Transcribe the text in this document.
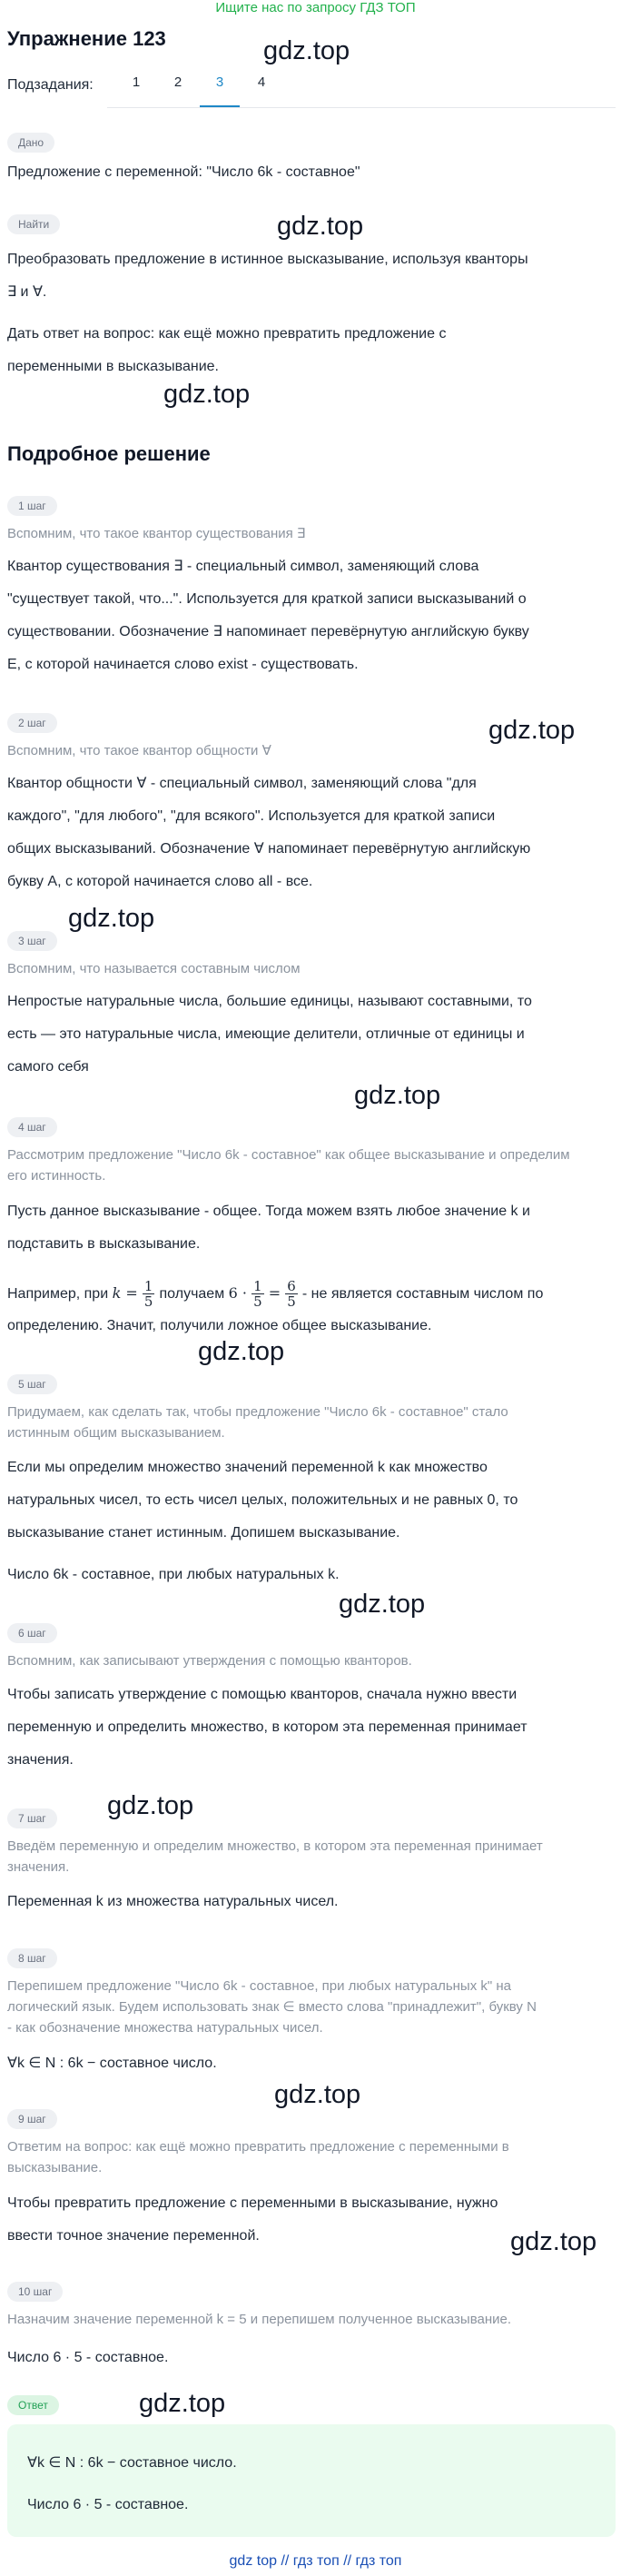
Ищите нас по запросу ГДЗ ТОП
Упражнение 123
Подзадания:	1	2	3	4
gdz.top
Дано
Предложение с переменной: "Число 6k - составное"
Найти	gdz.top
Преобразовать предложение в истинное высказывание, используя кванторы
∃ и ∀.
Дать ответ на вопрос: как ещё можно превратить предложение с
переменными в высказывание.
gdz.top
Подробное решение
1 шаг
Вспомним, что такое квантор существования ∃
Квантор существования ∃ - специальный символ, заменяющий слова
"существует такой, что...". Используется для краткой записи высказываний о
существовании. Обозначение ∃ напоминает перевёрнутую английскую букву
E, с которой начинается слово exist - существовать.
2 шаг	gdz.top
Вспомним, что такое квантор общности ∀
Квантор общности ∀ - специальный символ, заменяющий слова "для
каждого", "для любого", "для всякого". Используется для краткой записи
общих высказываний. Обозначение ∀ напоминает перевёрнутую английскую
букву A, с которой начинается слово all - все.
gdz.top
3 шаг
Вспомним, что называется составным числом
Непростые натуральные числа, большие единицы, называют составными, то
есть — это натуральные числа, имеющие делители, отличные от единицы и
самого себя
gdz.top
4 шаг
Рассмотрим предложение "Число 6k - составное" как общее высказывание и определим
его истинность.
Пусть данное высказывание - общее. Тогда можем взять любое значение k и
подставить в высказывание.
Например, при $k = \frac{1}{5}$ получаем $6 \cdot \frac{1}{5} = \frac{6}{5}$ - не является составным числом по
определению. Значит, получили ложное общее высказывание.
gdz.top
5 шаг
Придумаем, как сделать так, чтобы предложение "Число 6k - составное" стало
истинным общим высказыванием.
Если мы определим множество значений переменной k как множество
натуральных чисел, то есть чисел целых, положительных и не равных 0, то
высказывание станет истинным. Допишем высказывание.
Число 6k - составное, при любых натуральных k.
gdz.top
6 шаг
Вспомним, как записывают утверждения с помощью кванторов.
Чтобы записать утверждение с помощью кванторов, сначала нужно ввести
переменную и определить множество, в котором эта переменная принимает
значения.
gdz.top
7 шаг
Введём переменную и определим множество, в котором эта переменная принимает
значения.
Переменная k из множества натуральных чисел.
8 шаг
Перепишем предложение "Число 6k - составное, при любых натуральных k" на
логический язык. Будем использовать знак ∈ вместо слова "принадлежит", букву N
- как обозначение множества натуральных чисел.
∀k ∈ N : 6k − составное число.
gdz.top
9 шаг
Ответим на вопрос: как ещё можно превратить предложение с переменными в
высказывание.
Чтобы превратить предложение с переменными в высказывание, нужно
ввести точное значение переменной.	gdz.top
10 шаг
Назначим значение переменной k = 5 и перепишем полученное высказывание.
Число 6 · 5 - составное.
Ответ	gdz.top
∀k ∈ N : 6k − составное число.
Число 6 · 5 - составное.
gdz top // гдз топ // гдз топ
